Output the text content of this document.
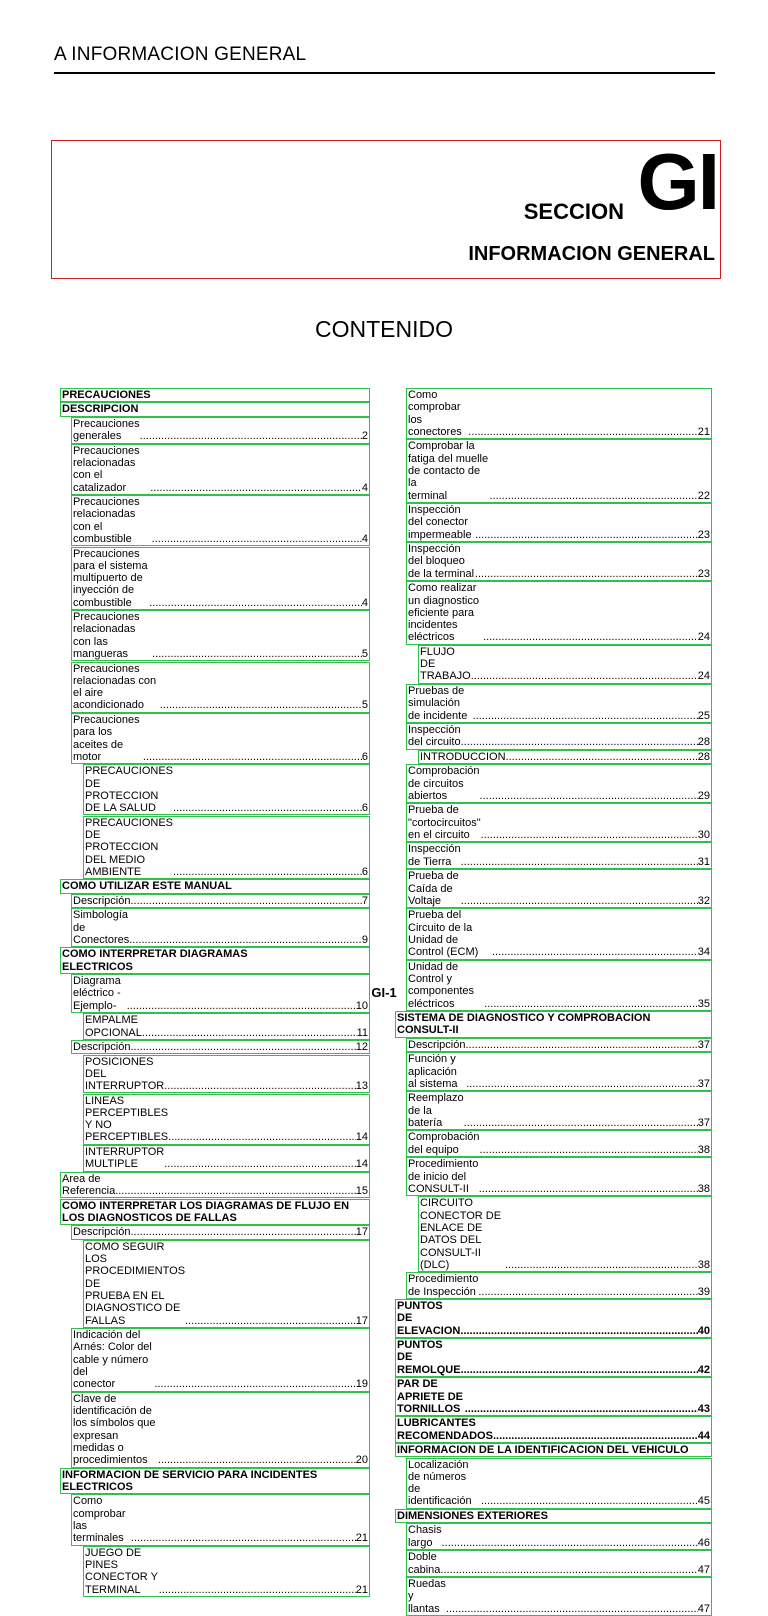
A INFORMACION GENERAL
SECCION GI
INFORMACION GENERAL
CONTENIDO
PRECAUCIONES
DESCRIPCION
Precauciones generales .....	2
Precauciones relacionadas con el catalizador .....	4
Precauciones relacionadas con el combustible .....	4
Precauciones para el sistema multipuerto de
inyección de combustible .....	4
Precauciones relacionadas con las mangueras .....	5
Precauciones relacionadas con el aire acondicionado .....	5
Precauciones para los aceites de motor .....	6
PRECAUCIONES DE PROTECCION DE LA SALUD .....	6
PRECAUCIONES DE PROTECCION DEL MEDIO
AMBIENTE .....	6
COMO UTILIZAR ESTE MANUAL
Descripción .....	7
Simbología de Conectores .....	9
COMO INTERPRETAR DIAGRAMAS
ELECTRICOS
Diagrama eléctrico -Ejemplo- .....	10
EMPALME OPCIONAL .....	11
Descripción .....	12
POSICIONES DEL INTERRUPTOR .....	13
LINEAS PERCEPTIBLES Y NO PERCEPTIBLES .....	14
INTERRUPTOR MULTIPLE .....	14
Area de Referencia .....	15
COMO INTERPRETAR LOS DIAGRAMAS DE FLUJO EN
LOS DIAGNOSTICOS DE FALLAS
Descripción .....	17
COMO SEGUIR LOS PROCEDIMIENTOS DE
PRUEBA EN EL DIAGNOSTICO DE FALLAS .....	17
Indicación del Arnés: Color del cable y número del
conector .....	19
Clave de identificación de los símbolos que expresan
medidas o procedimientos .....	20
INFORMACION DE SERVICIO PARA INCIDENTES
ELECTRICOS
Como comprobar las terminales .....	21
JUEGO DE PINES CONECTOR Y TERMINAL .....	21
Como comprobar los conectores .....	21
Comprobar la fatiga del muelle de contacto de la
terminal .....	22
Inspección del conector impermeable .....	23
Inspección del bloqueo de la terminal .....	23
Como realizar un diagnostico eficiente para
incidentes eléctricos .....	24
FLUJO DE TRABAJO .....	24
Pruebas de simulación de incidente .....	25
Inspección del circuito .....	28
INTRODUCCION .....	28
Comprobación de circuitos abiertos .....	29
Prueba de "cortocircuitos" en el circuito .....	30
Inspección de Tierra .....	31
Prueba de Caída de Voltaje .....	32
Prueba del Circuito de la Unidad de Control (ECM) .....	34
Unidad de Control y componentes eléctricos .....	35
SISTEMA DE DIAGNOSTICO Y COMPROBACION
CONSULT-II
Descripción .....	37
Función y aplicación al sistema .....	37
Reemplazo de la batería .....	37
Comprobación del equipo .....	38
Procedimiento de inicio del CONSULT-II .....	38
CIRCUITO CONECTOR DE ENLACE DE DATOS DEL
CONSULT-II (DLC) .....	38
Procedimiento de Inspección .....	39
PUNTOS DE ELEVACION .....	40
PUNTOS DE REMOLQUE .....	42
PAR DE APRIETE DE TORNILLOS .....	43
LUBRICANTES RECOMENDADOS .....	44
INFORMACION DE LA IDENTIFICACION DEL VEHICULO
Localización de números de identificación .....	45
DIMENSIONES EXTERIORES
Chasis largo .....	46
Doble cabina .....	47
Ruedas y llantas .....	47
GI-1
